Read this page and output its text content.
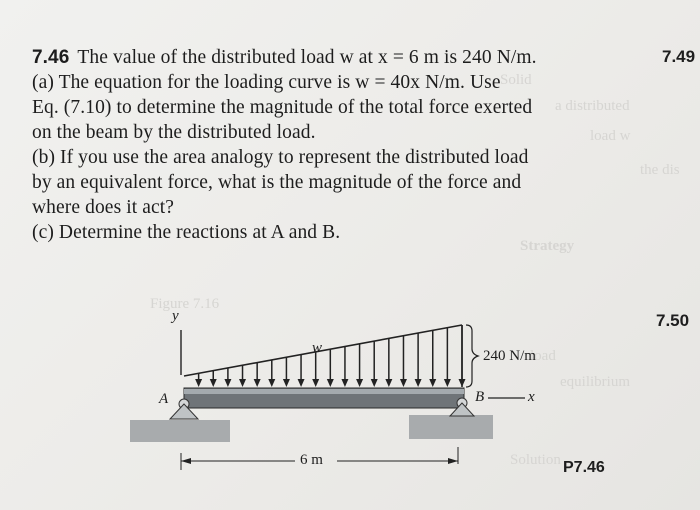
Solid
a distributed
load w
the dis
Strategy
Figure 7.16
load
equilibrium
Solution
7.46 The value of the distributed load w at x = 6 m is 240 N/m.
(a) The equation for the loading curve is w = 40x N/m. Use
Eq. (7.10) to determine the magnitude of the total force exerted
on the beam by the distributed load.
(b) If you use the area analogy to represent the distributed load
by an equivalent force, what is the magnitude of the force and
where does it act?
(c) Determine the reactions at A and B.
7.49
7.50
y
w	240 N/m
A	B	x
6 m	P7.46
